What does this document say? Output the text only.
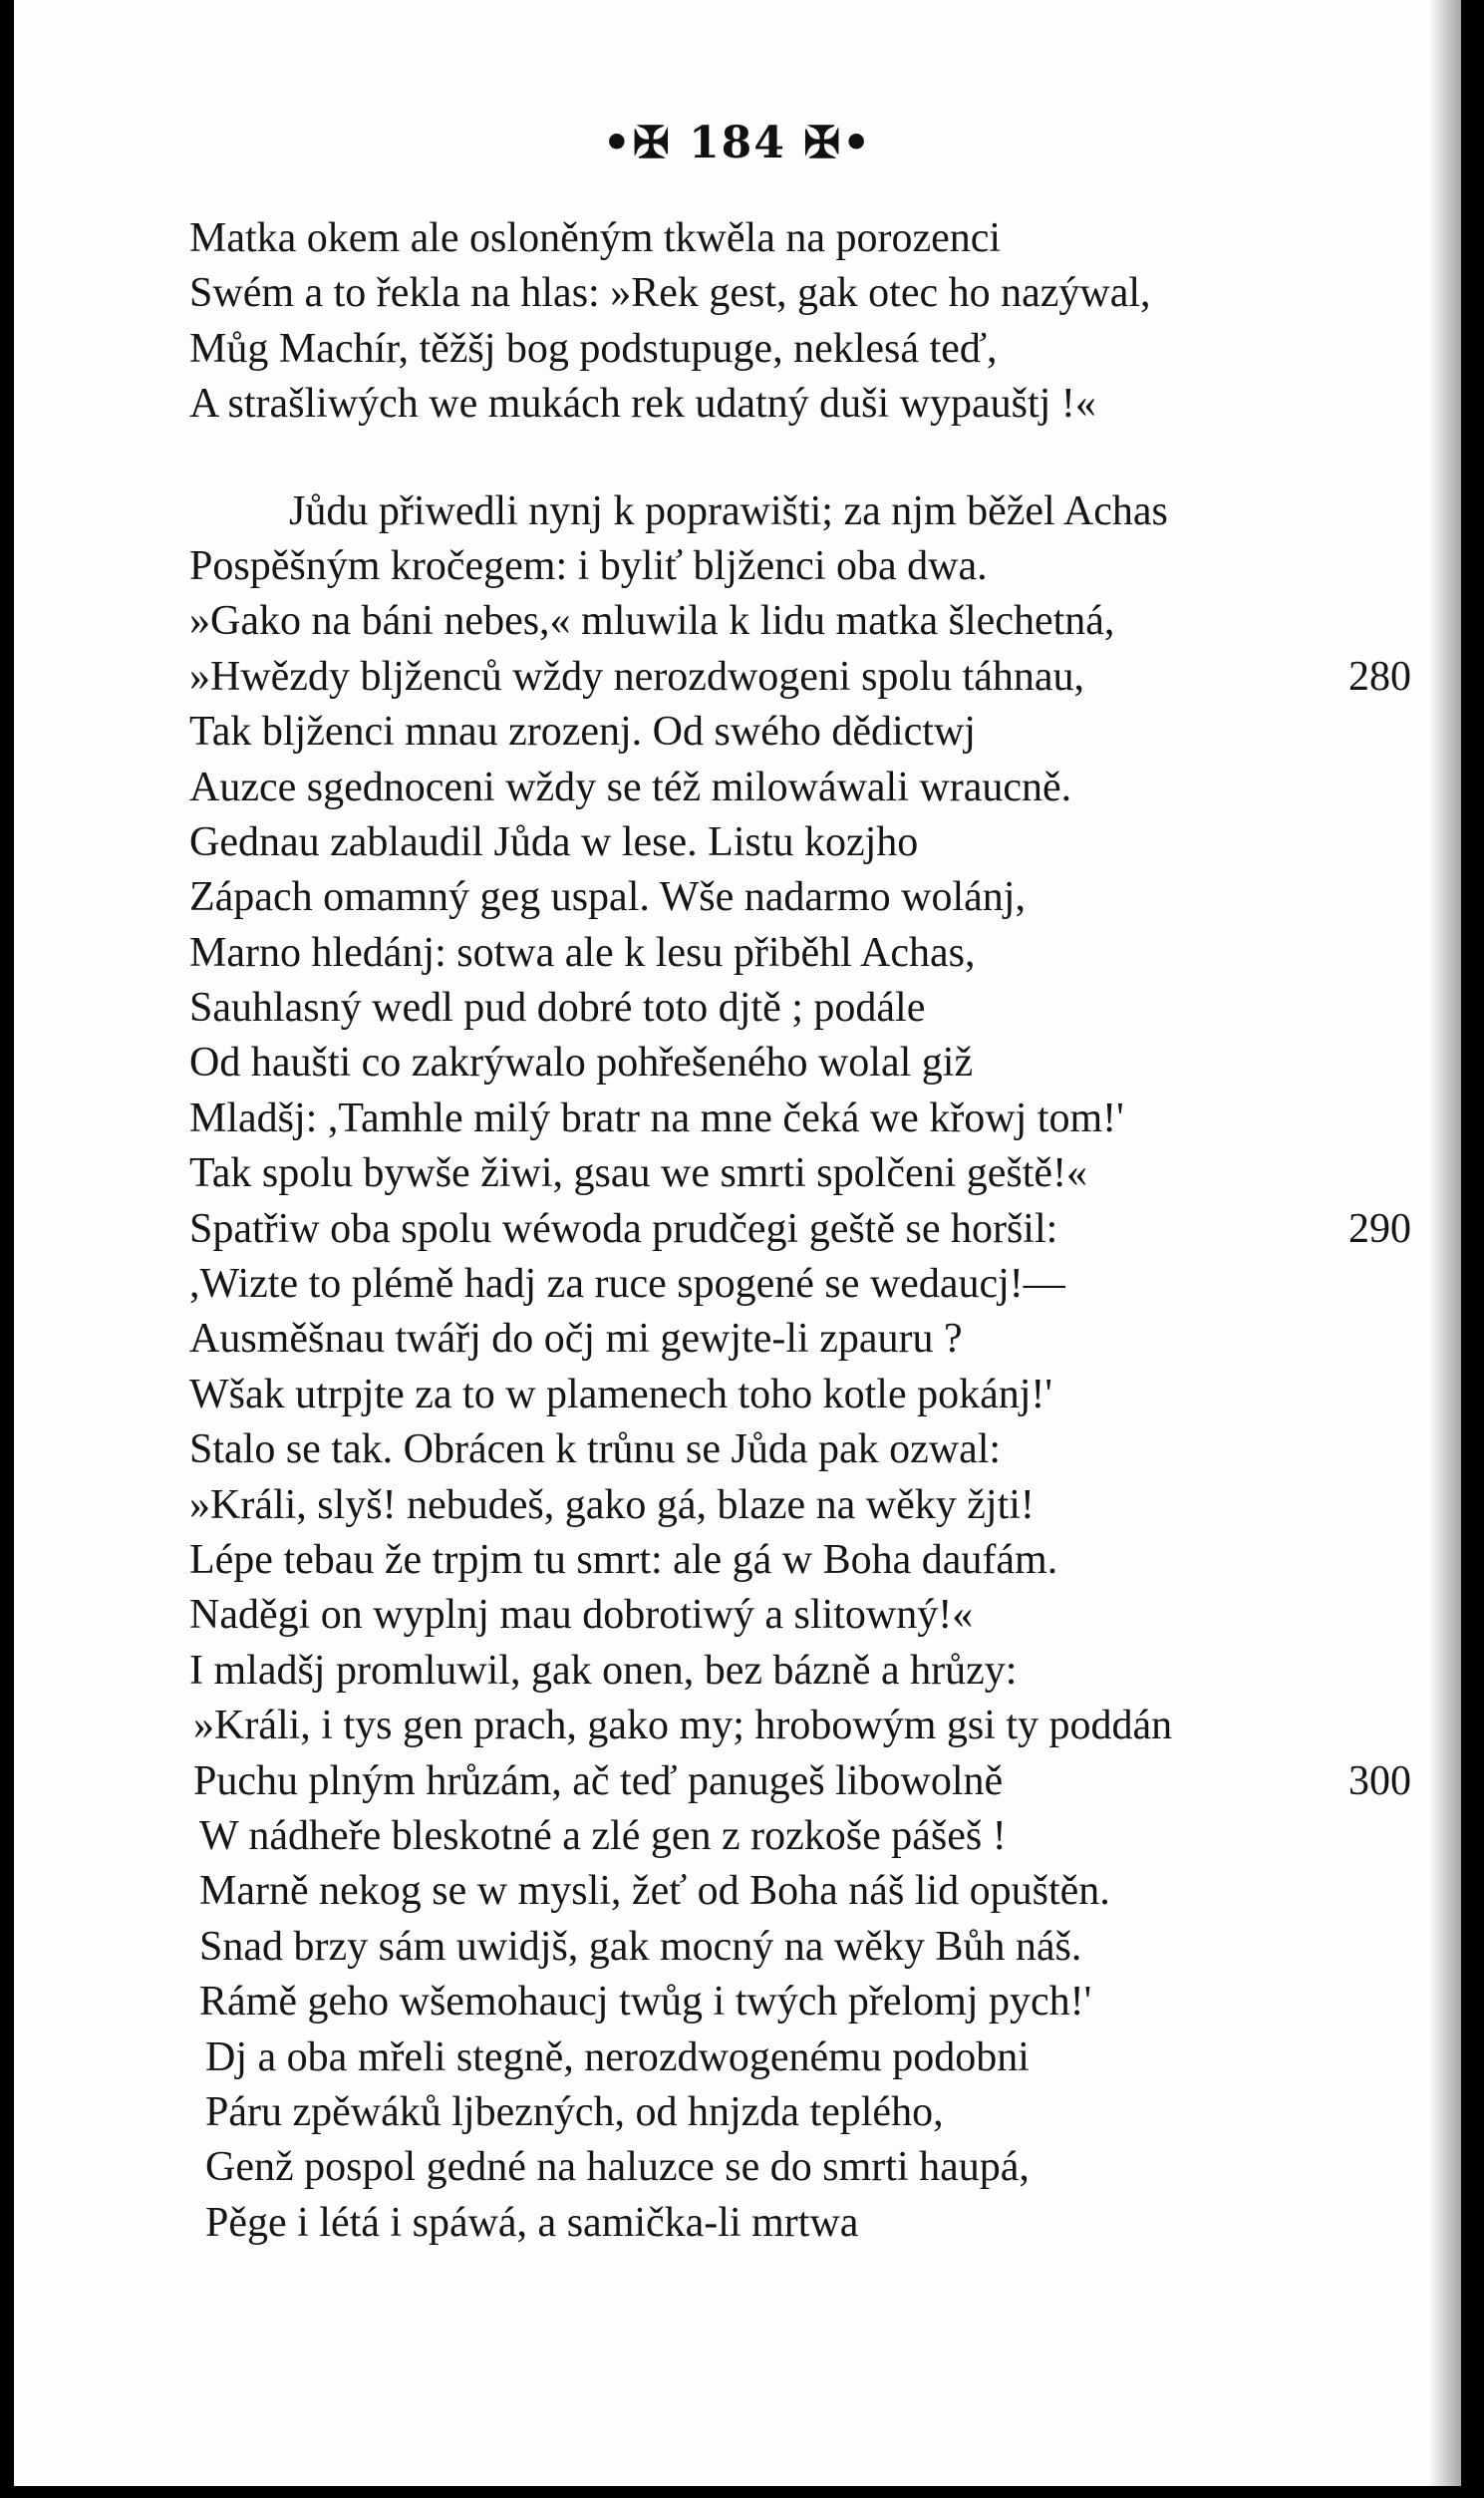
•✠ 184 ✠•
Matka okem ale osloněným tkwěla na porozenci
Swém a to řekla na hlas: »Rek gest, gak otec ho nazýwal,
Můg Machír, těžšj bog podstupuge, neklesá teď,
A strašliwých we mukách rek udatný duši wypauštj !«
Jůdu přiwedli nynj k poprawišti; za njm běžel Achas
Pospěšným kročegem: i byliť bljženci oba dwa.
»Gako na báni nebes,« mluwila k lidu matka šlechetná,
»Hwězdy bljženců wždy nerozdwogeni spolu táhnau,	280
Tak bljženci mnau zrozenj. Od swého dědictwj
Auzce sgednoceni wždy se též milowáwali wraucně.
Gednau zablaudil Jůda w lese. Listu kozjho
Zápach omamný geg uspal. Wše nadarmo wolánj,
Marno hledánj: sotwa ale k lesu přiběhl Achas,
Sauhlasný wedl pud dobré toto djtě ; podále
Od haušti co zakrýwalo pohřešeného wolal giž
Mladšj: ,Tamhle milý bratr na mne čeká we křowj tom!'
Tak spolu bywše žiwi, gsau we smrti spolčeni geště!«
Spatřiw oba spolu wéwoda prudčegi geště se horšil:	290
,Wizte to plémě hadj za ruce spogené se wedaucj!—
Ausměšnau twářj do očj mi gewjte-li zpauru ?
Wšak utrpjte za to w plamenech toho kotle pokánj!'
Stalo se tak. Obrácen k trůnu se Jůda pak ozwal:
»Králi, slyš! nebudeš, gako gá, blaze na wěky žjti!
Lépe tebau že trpjm tu smrt: ale gá w Boha daufám.
Naděgi on wyplnj mau dobrotiwý a slitowný!«
I mladšj promluwil, gak onen, bez bázně a hrůzy:
»Králi, i tys gen prach, gako my; hrobowým gsi ty poddán
Puchu plným hrůzám, ač teď panugeš libowolně	300
W nádheře bleskotné a zlé gen z rozkoše pášeš !
Marně nekog se w mysli, žeť od Boha náš lid opuštěn.
Snad brzy sám uwidjš, gak mocný na wěky Bůh náš.
Rámě geho wšemohaucj twůg i twých přelomj pych!'
Dj a oba mřeli stegně, nerozdwogenému podobni
Páru zpěwáků ljbezných, od hnjzda teplého,
Genž pospol gedné na haluzce se do smrti haupá,
Pěge i létá i spáwá, a samička-li mrtwa
